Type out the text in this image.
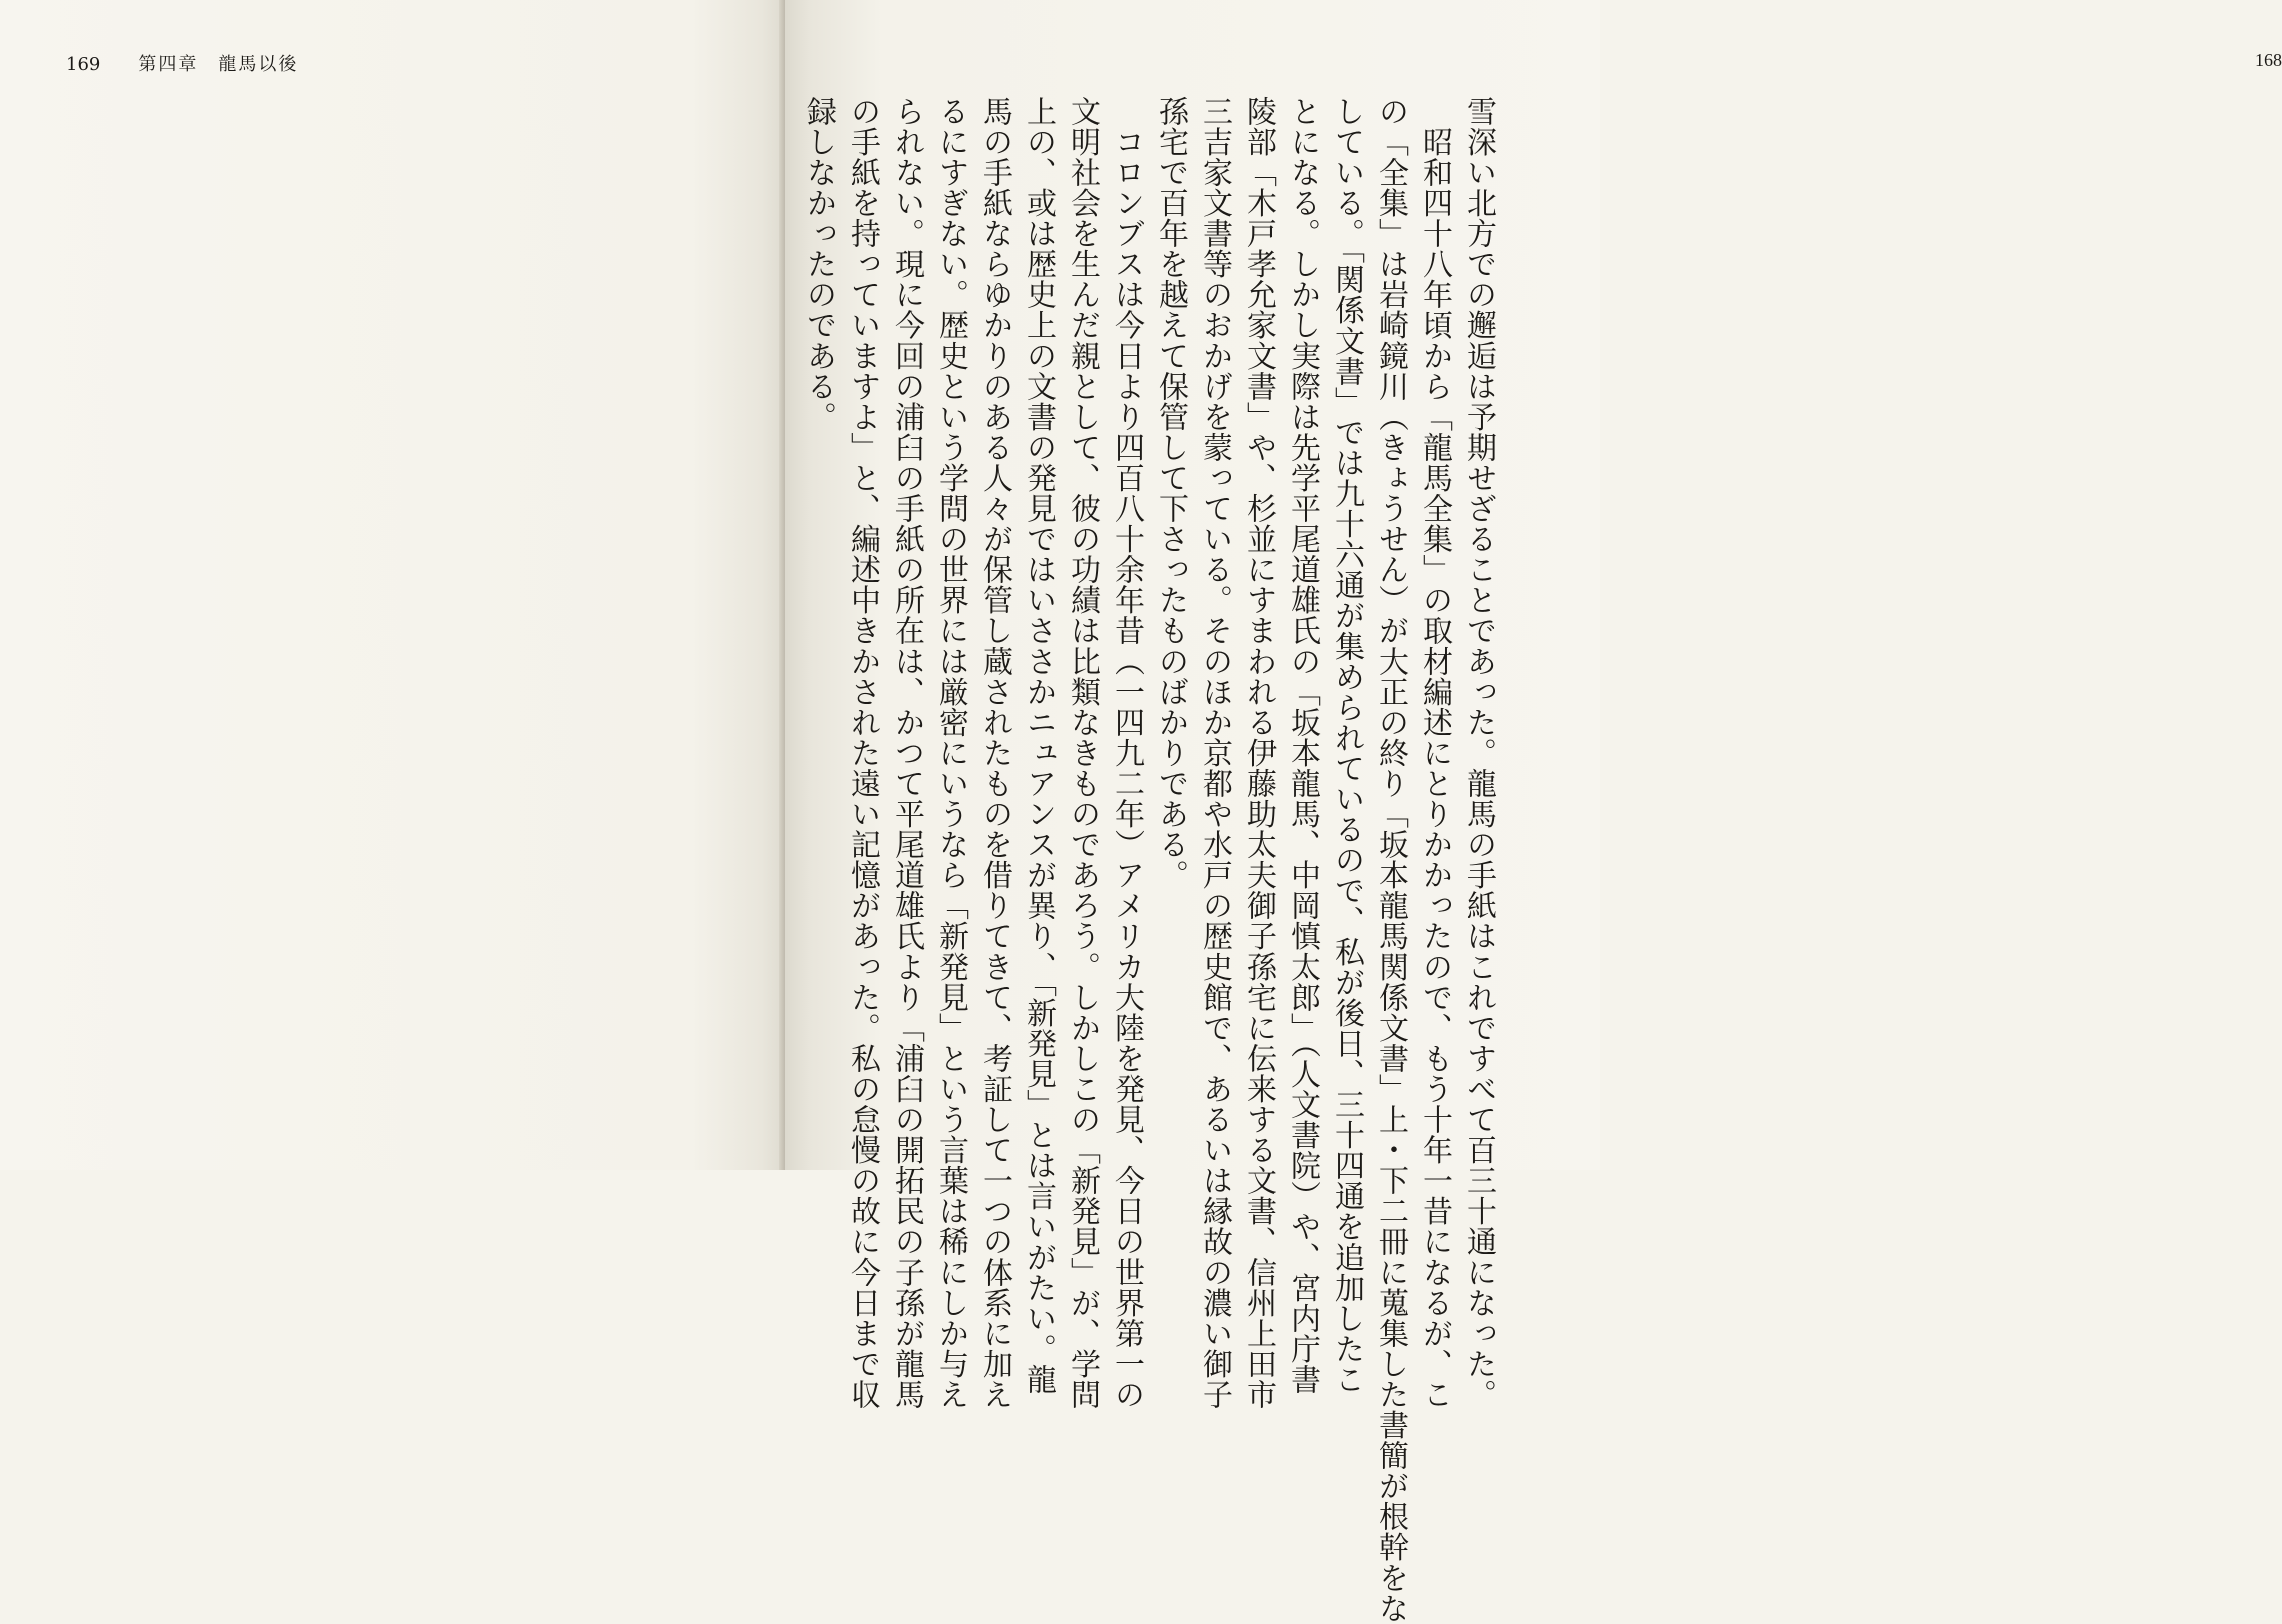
169 第四章　 龍馬以後	168
雪深い北方での邂逅は予期せざることであった。龍馬の手紙はこれですべて百三十通になった。
　昭和四十八年頃から「龍馬全集」の取材編述にとりかかったので、もう十年一昔になるが、こ
の「全集」は岩崎鏡川（きょうせん）が大正の終り「坂本龍馬関係文書」上・下二冊に蒐集した書簡が根幹をな
している。「関係文書」では九十六通が集められているので、私が後日、三十四通を追加したこ
とになる。しかし実際は先学平尾道雄氏の「坂本龍馬、中岡慎太郎」（人文書院）や、宮内庁書
陵部「木戸孝允家文書」や、杉並にすまわれる伊藤助太夫御子孫宅に伝来する文書、信州上田市
三吉家文書等のおかげを蒙っている。そのほか京都や水戸の歴史館で、あるいは縁故の濃い御子
孫宅で百年を越えて保管して下さったものばかりである。
　コロンブスは今日より四百八十余年昔（一四九二年）アメリカ大陸を発見、今日の世界第一の
文明社会を生んだ親として、彼の功績は比類なきものであろう。しかしこの「新発見」が、学問
上の、或は歴史上の文書の発見ではいささかニュアンスが異り、「新発見」とは言いがたい。龍
馬の手紙ならゆかりのある人々が保管し蔵されたものを借りてきて、考証して一つの体系に加え
るにすぎない。歴史という学問の世界には厳密にいうなら「新発見」という言葉は稀にしか与え
られない。現に今回の浦臼の手紙の所在は、かつて平尾道雄氏より「浦臼の開拓民の子孫が龍馬
の手紙を持っていますよ」と、編述中きかされた遠い記憶があった。私の怠慢の故に今日まで収
録しなかったのである。
